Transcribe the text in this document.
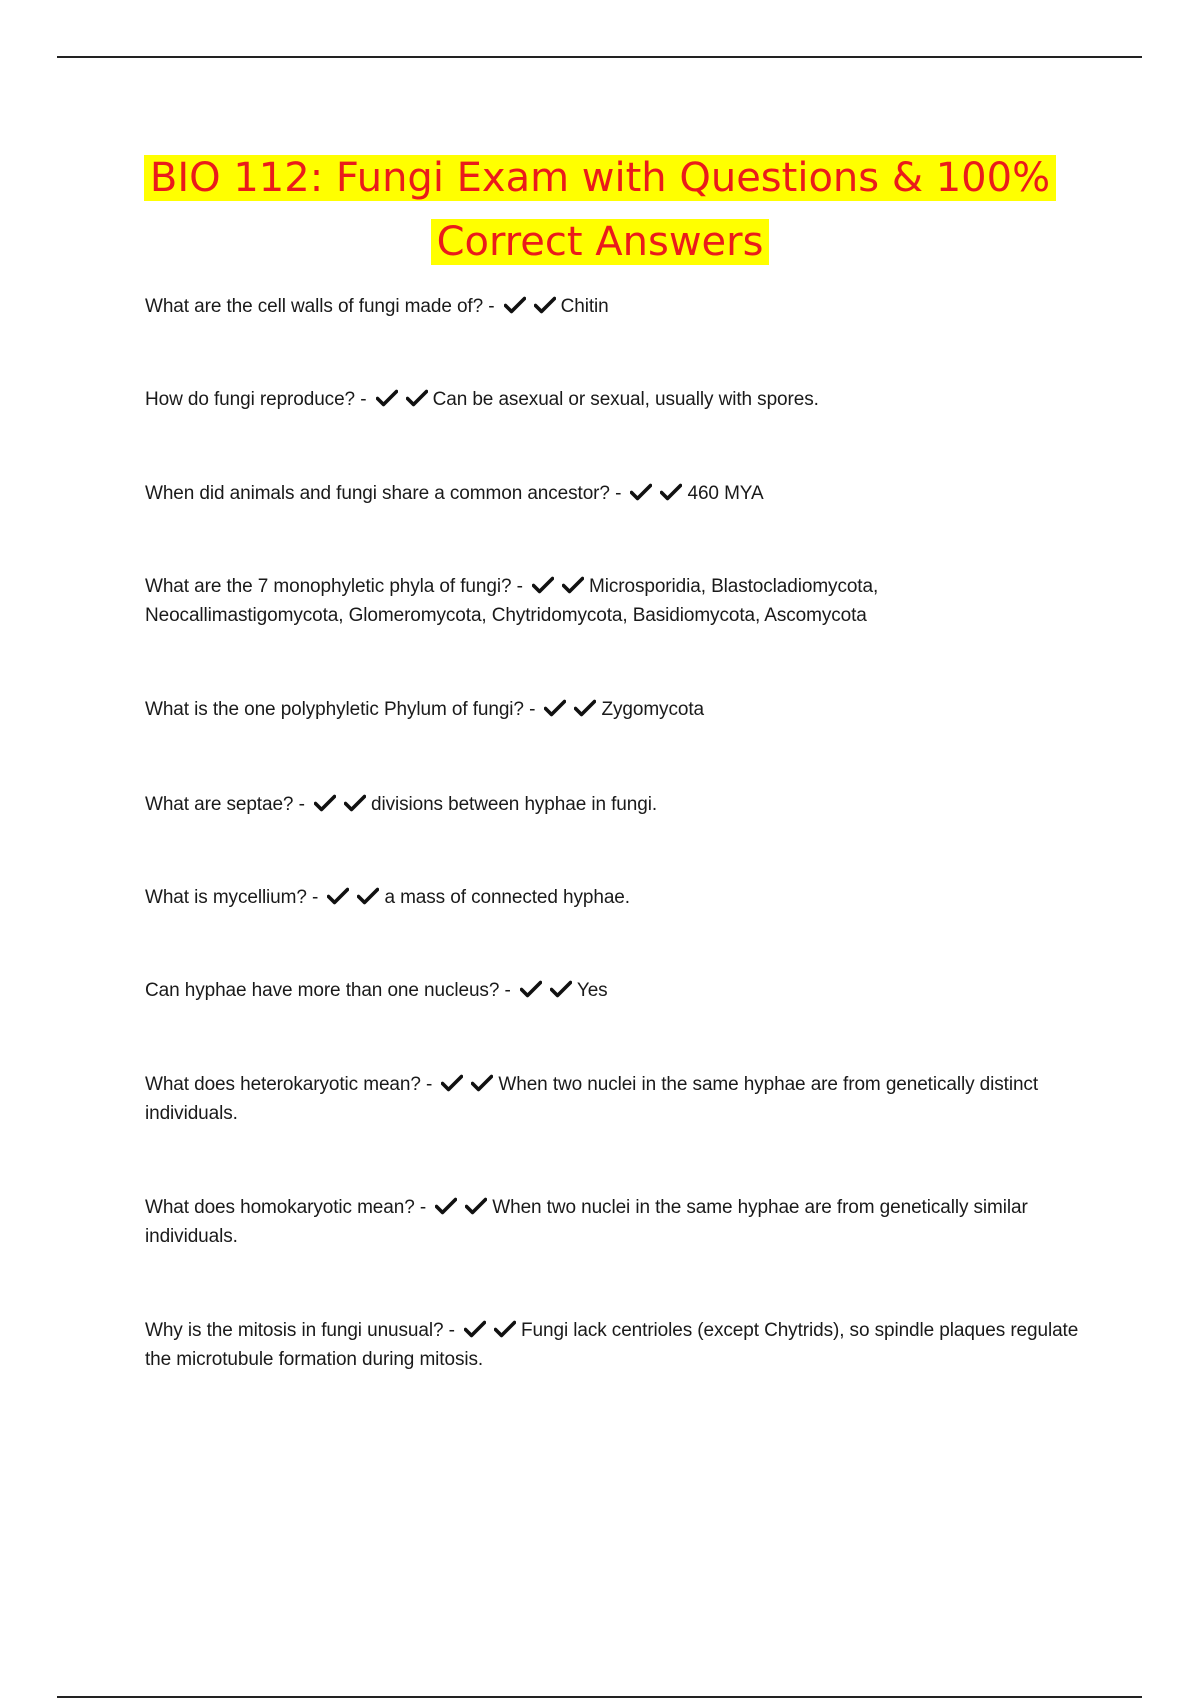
BIO 112: Fungi Exam with Questions & 100%
Correct Answers

What are the cell walls of fungi made of? -	Chitin

How do fungi reproduce? -	Can be asexual or sexual, usually with spores.

When did animals and fungi share a common ancestor? -	460 MYA

What are the 7 monophyletic phyla of fungi? -	Microsporidia, Blastocladiomycota, Neocallimastigomycota, Glomeromycota, Chytridomycota, Basidiomycota, Ascomycota

What is the one polyphyletic Phylum of fungi? -	Zygomycota

What are septae? -	divisions between hyphae in fungi.

What is mycellium? -	a mass of connected hyphae.

Can hyphae have more than one nucleus? -	Yes

What does heterokaryotic mean? -	When two nuclei in the same hyphae are from genetically distinct individuals.

What does homokaryotic mean? -	When two nuclei in the same hyphae are from genetically similar individuals.

Why is the mitosis in fungi unusual? -	Fungi lack centrioles (except Chytrids), so spindle plaques regulate the microtubule formation during mitosis.
